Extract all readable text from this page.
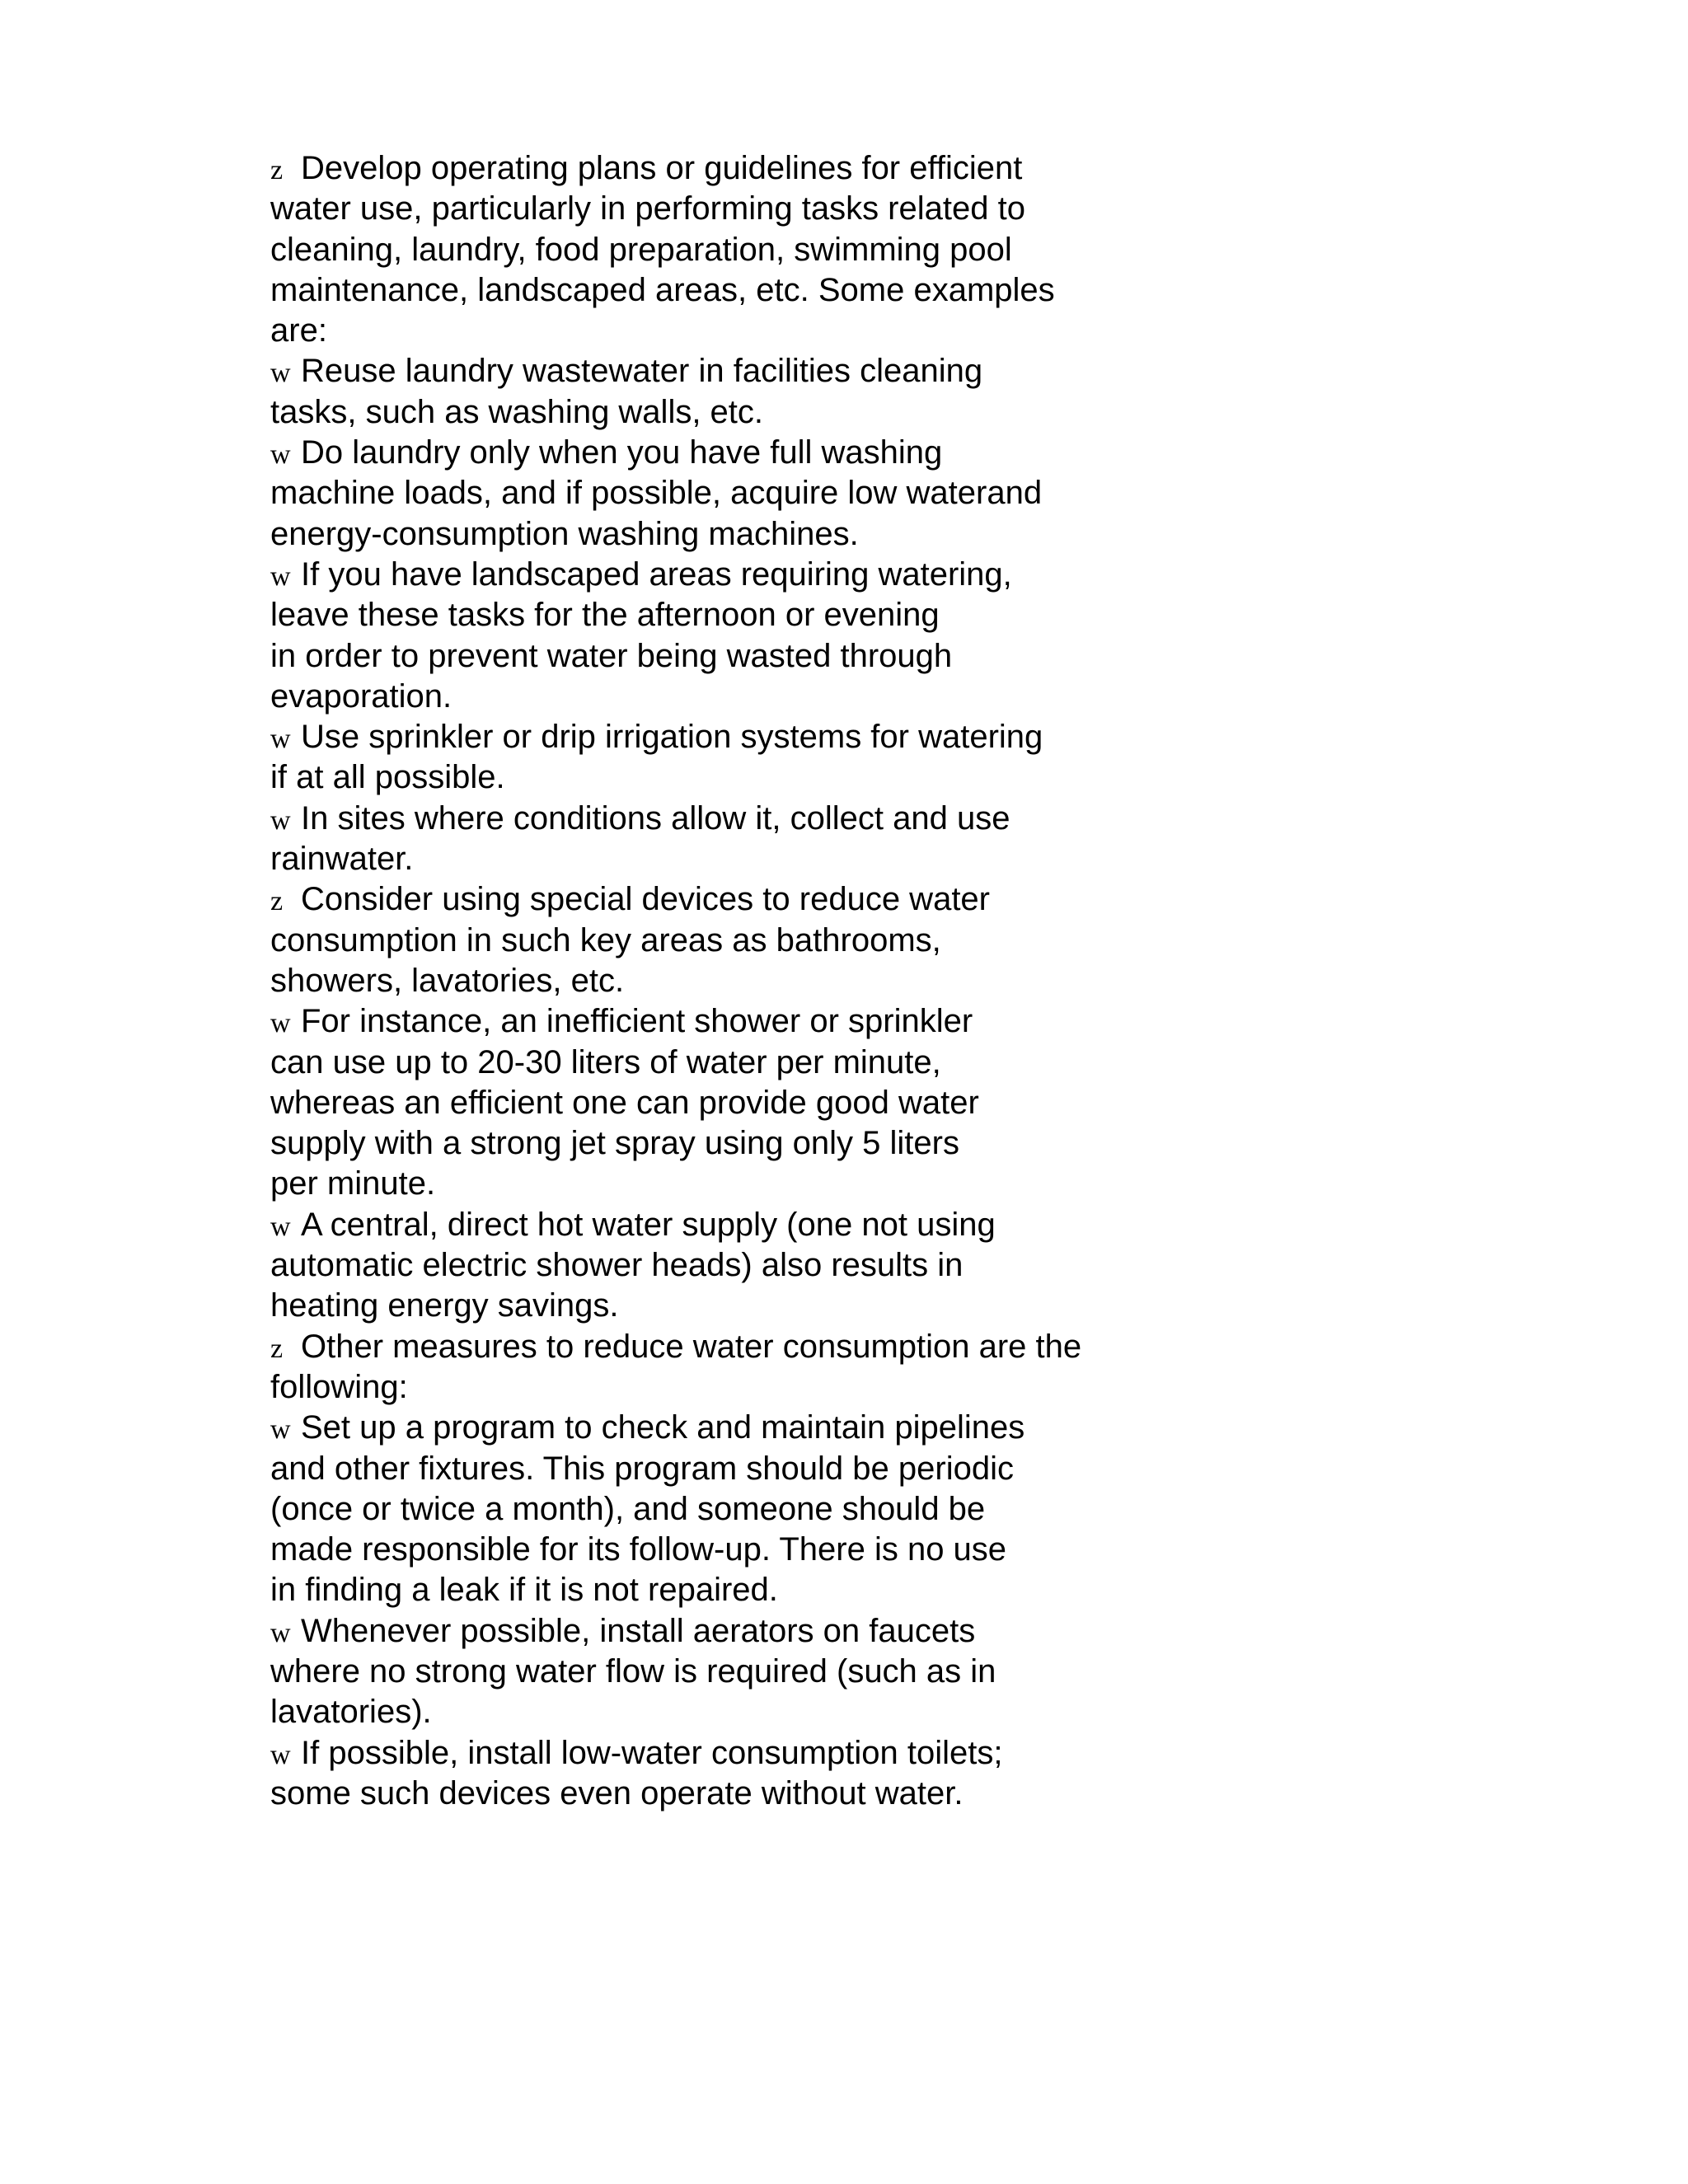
z Develop operating plans or guidelines for efficient
water use, particularly in performing tasks related to
cleaning, laundry, food preparation, swimming pool
maintenance, landscaped areas, etc. Some examples
are:
w Reuse laundry wastewater in facilities cleaning
tasks, such as washing walls, etc.
w Do laundry only when you have full washing
machine loads, and if possible, acquire low waterand
energy-consumption washing machines.
w If you have landscaped areas requiring watering,
leave these tasks for the afternoon or evening
in order to prevent water being wasted through
evaporation.
w Use sprinkler or drip irrigation systems for watering
if at all possible.
w In sites where conditions allow it, collect and use
rainwater.
z Consider using special devices to reduce water
consumption in such key areas as bathrooms,
showers, lavatories, etc.
w For instance, an inefficient shower or sprinkler
can use up to 20-30 liters of water per minute,
whereas an efficient one can provide good water
supply with a strong jet spray using only 5 liters
per minute.
w A central, direct hot water supply (one not using
automatic electric shower heads) also results in
heating energy savings.
z Other measures to reduce water consumption are the
following:
w Set up a program to check and maintain pipelines
and other fixtures. This program should be periodic
(once or twice a month), and someone should be
made responsible for its follow-up. There is no use
in finding a leak if it is not repaired.
w Whenever possible, install aerators on faucets
where no strong water flow is required (such as in
lavatories).
w If possible, install low-water consumption toilets;
some such devices even operate without water.
